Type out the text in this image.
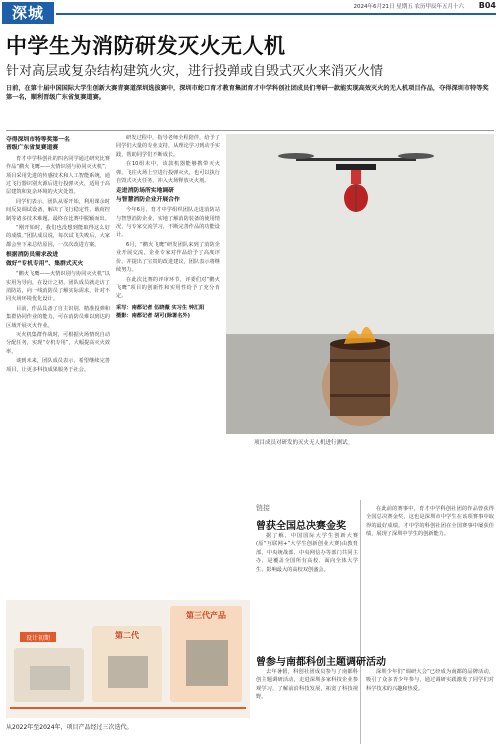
深城	2024年6月21日 星期五 农历甲辰年五月十六 B04
中学生为消防研发灭火无人机
针对高层或复杂结构建筑火灾，进行投弹或自毁式灭火来消灭火情
日前，在第十届中国国际大学生创新大赛青赛道深圳选拔赛中，深圳市蛇口育才教育集团育才中学科创社团成员们考研一款能实现高效灭火的无人机项目作品，夺得深圳市特等奖第一名，顺利晋级广东省复赛道赛。
夺得深圳市特等奖第一名
晋级广东省复赛道赛

育才中学科创社的四名同学通过研究比赛作品“鹳火飞鹰——火情识别与协同灭火机”，项目采用先进的传感技术和人工智能系统，通过飞行器识别火源后进行投弹灭火，适用于高层建筑和复杂环境的火灾处置。

同学们表示，团队从零开始，利用课余时间反复调试设备，解决了飞行稳定性、载荷控制等诸多技术难题，最终在比赛中脱颖而出。

“刚开始时，我们也没想到能取得这么好的成绩。”团队成员说，每次试飞失败后，大家都会坐下来总结原因，一次次改进方案。

根据消防员需求改进
做好“专机专用”、集群式灭火

“鹳火飞鹰——火情识别与协同灭火机”以实用为导向，在设计之初，团队成员就走访了消防站，向一线消防员了解实际需求，针对不同火场环境优化设计。

目前，作品具备了自主识别、精准投弹和集群协同作业的能力，可在消防员难以到达的区域开展灭火作业。

灭火机集群作战时，可根据火场情况自动分配任务，实现“专机专用”，大幅提高灭火效率。

谈到未来，团队成员表示，希望继续完善项目，让更多科技成果服务于社会。

研发过程中，指导老师全程陪伴，给予了同学们大量的专业支持，从理论学习到动手实践，帮助同学们不断成长。

在10组未中，该款机器能够携带灭火弹，飞往火场上空进行投弹灭火，也可以执行自毁式灭火任务，冲入火场释放灭火剂。

走进消防场所实地调研
与智慧消防企业开展合作

今年6月，育才中学组织团队走进消防站与智慧消防企业，实地了解消防装备的使用情况，与专家交流学习，不断完善作品的功能设计。

6月，“鹳火飞鹰”研发团队来到了消防企业开展交流，企业专家对作品给予了高度评价，并提出了宝贵的改进建议，团队表示将继续努力。

在此次比赛的评审环节，评委们对“鹳火飞鹰”项目的创新性和实用性给予了充分肯定。

采写：南都记者 伍晓薇 实习生 钟汇阳
摄影：南都记者 胡可(除署名外)

项目成员对研发的灭火无人机进行测试。
链接
曾获全国总决赛金奖

据了解，中国国际大学生创新大赛(原“互联网+”大学生创新创业大赛)由教育部、中央统战部、中央网信办等部门共同主办，是覆盖全国所有高校、面向全体大学生、影响最大的高校双创盛会。

在此前的赛事中，育才中学科创社团的作品曾获得全国总决赛金奖，这也是深圳市中学生在该项赛事中取得的最好成绩。才中学的科创社团在全国赛事中屡获佳绩，展现了深圳中学生的创新能力。

曾参与南都科创主题调研活动

去年暑假，科创社团成员参与了南都科创主题调研活动，走进深圳多家科技企业参观学习，了解前沿科技发展，拓宽了科技视野。

深圳少年们“调研大会”已经成为南都的品牌活动，吸引了众多青少年参与，通过调研实践激发了同学们对科学技术的兴趣和热爱。

设计初期	第二代
第三代产品
从2022年至2024年，项目产品经过三次迭代。
